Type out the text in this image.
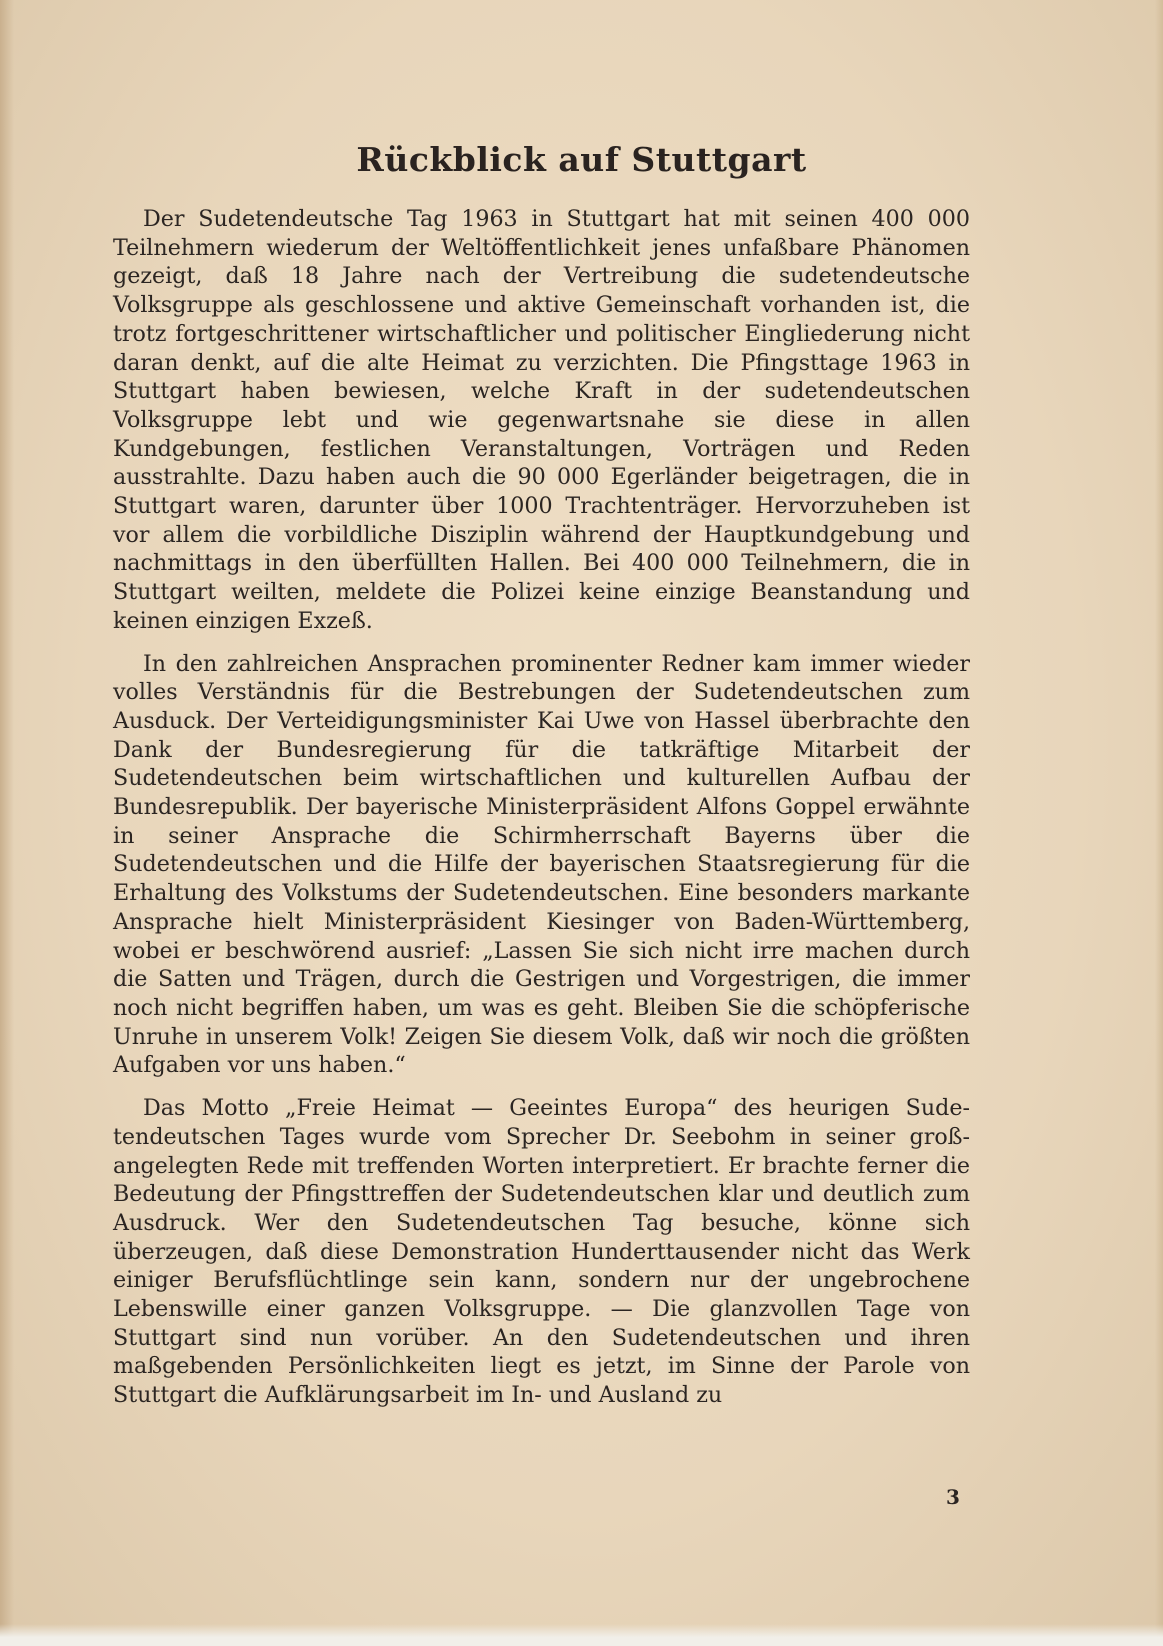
Rückblick auf Stuttgart

Der Sudetendeutsche Tag 1963 in Stuttgart hat mit seinen 400 000 Teilnehmern wiederum der Weltöffentlichkeit jenes unfaßbare Phänomen gezeigt, daß 18 Jahre nach der Vertreibung die sudetendeutsche Volksgruppe als geschlossene und aktive Gemeinschaft vorhanden ist, die trotz fortgeschrittener wirtschaftlicher und politischer Eingliederung nicht daran denkt, auf die alte Heimat zu verzichten. Die Pfingsttage 1963 in Stuttgart haben bewiesen, welche Kraft in der sudetendeutschen Volksgruppe lebt und wie gegenwartsnahe sie diese in allen Kundgebungen, festlichen Veranstaltungen, Vorträgen und Reden ausstrahlte. Dazu haben auch die 90 000 Egerländer beigetragen, die in Stuttgart waren, darunter über 1000 Trachtenträger. Hervorzuheben ist vor allem die vorbildliche Disziplin während der Hauptkundgebung und nachmittags in den überfüllten Hallen. Bei 400 000 Teilnehmern, die in Stuttgart weilten, meldete die Polizei keine einzige Beanstandung und keinen einzigen Exzeß.

In den zahlreichen Ansprachen prominenter Redner kam immer wieder volles Verständnis für die Bestrebungen der Sudetendeutschen zum Ausduck. Der Verteidigungsminister Kai Uwe von Hassel überbrachte den Dank der Bundesregierung für die tatkräftige Mitarbeit der Sudetendeutschen beim wirtschaftlichen und kulturellen Aufbau der Bundesrepublik. Der bayerische Ministerpräsident Alfons Goppel erwähnte in seiner Ansprache die Schirmherrschaft Bayerns über die Sudetendeutschen und die Hilfe der bayerischen Staatsregierung für die Erhaltung des Volkstums der Sudetendeutschen. Eine besonders markante Ansprache hielt Ministerpräsident Kiesinger von Baden-Württemberg, wobei er beschwörend ausrief: „Lassen Sie sich nicht irre machen durch die Satten und Trägen, durch die Gestrigen und Vorgestrigen, die immer noch nicht begriffen haben, um was es geht. Bleiben Sie die schöpferische Unruhe in unserem Volk! Zeigen Sie diesem Volk, daß wir noch die größten Aufgaben vor uns haben.“

Das Motto „Freie Heimat — Geeintes Europa“ des heurigen Sudetendeutschen Tages wurde vom Sprecher Dr. Seebohm in seiner großangelegten Rede mit treffenden Worten interpretiert. Er brachte ferner die Bedeutung der Pfingsttreffen der Sudetendeutschen klar und deutlich zum Ausdruck. Wer den Sudetendeutschen Tag besuche, könne sich überzeugen, daß diese Demonstration Hunderttausender nicht das Werk einiger Berufsflüchtlinge sein kann, sondern nur der ungebrochene Lebenswille einer ganzen Volksgruppe. — Die glanzvollen Tage von Stuttgart sind nun vorüber. An den Sudetendeutschen und ihren maßgebenden Persönlichkeiten liegt es jetzt, im Sinne der Parole von Stuttgart die Aufklärungsarbeit im In- und Ausland zu

3
